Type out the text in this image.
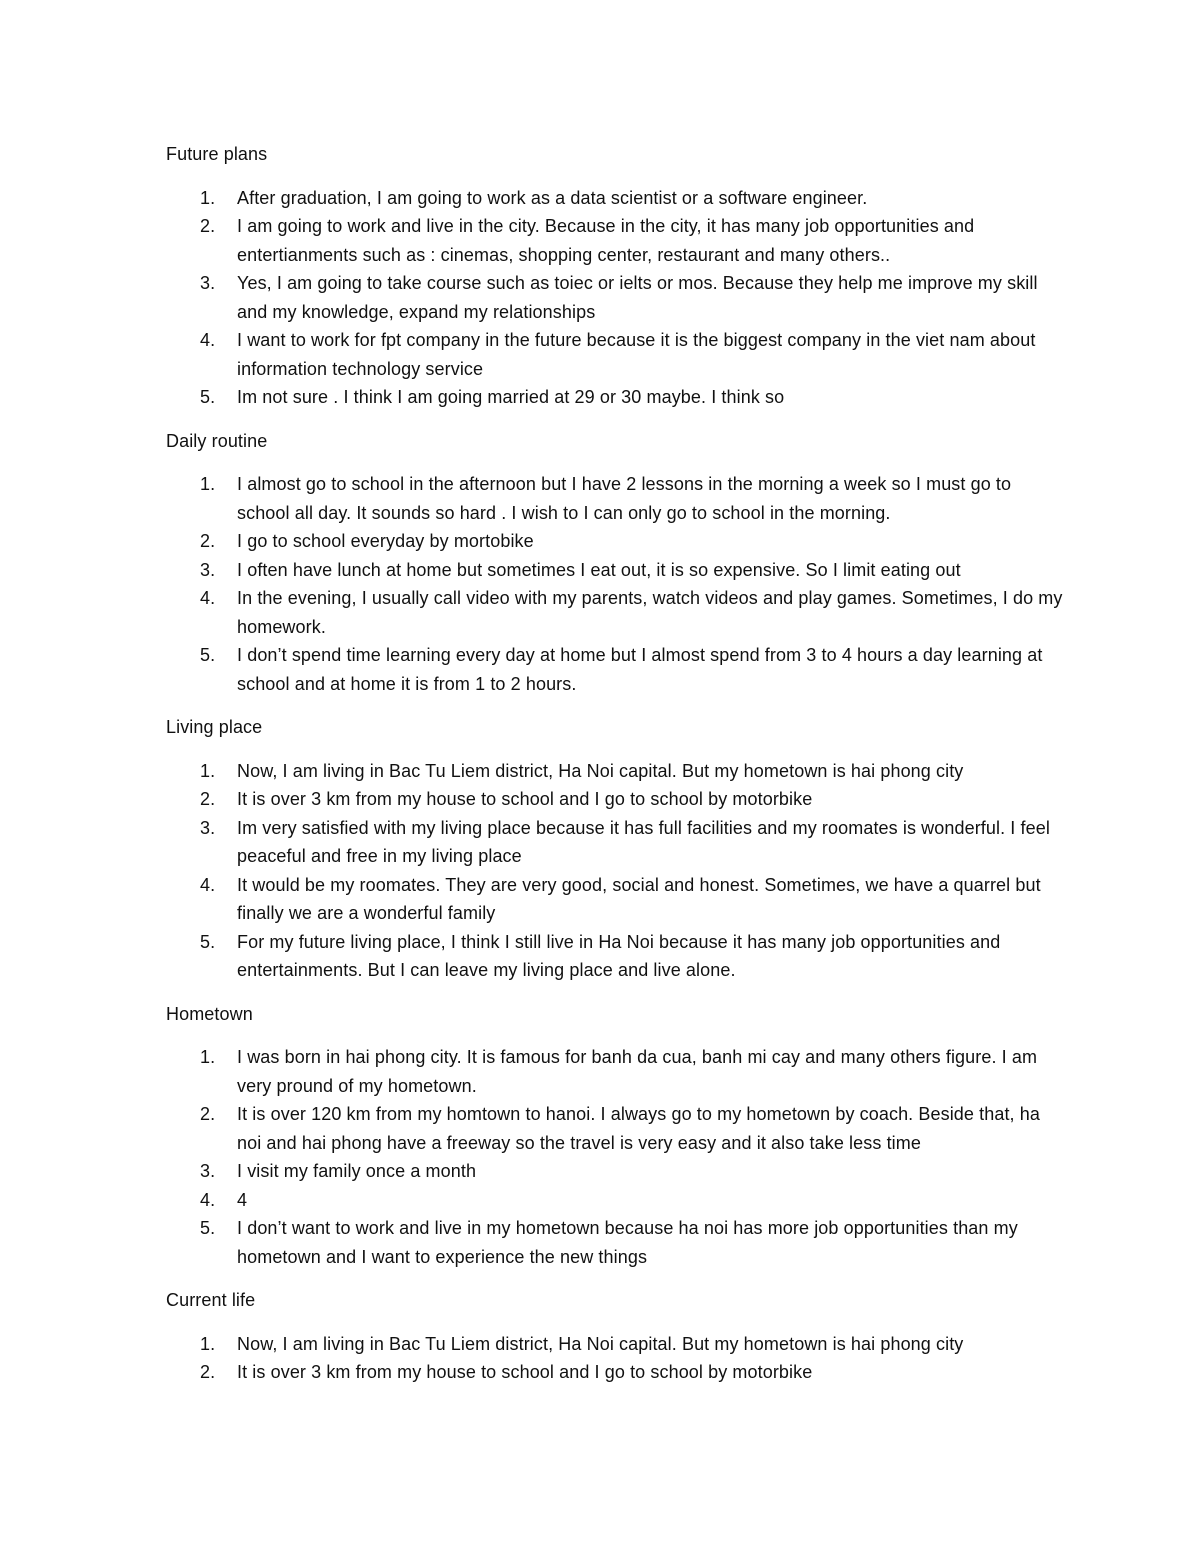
Future plans

1.	After graduation, I am going to work as a data scientist or a software engineer.
2.	I am going to work and live in the city. Because in the city, it has many job opportunities and entertianments such as : cinemas, shopping center, restaurant and many others..
3.	Yes, I am going to take course such as toiec or ielts or mos. Because they help me improve my skill and my knowledge, expand my relationships
4.	I want to work for fpt company in the future because it is the biggest company in the viet nam about information technology service
5.	Im not sure . I think I am going married at 29 or 30 maybe. I think so

Daily routine

1.	I almost go to school in the afternoon but I have 2 lessons in the morning a week so I must go to school all day. It sounds so hard . I wish to I can only go to school in the morning.
2.	I go to school everyday by mortobike
3.	I often have lunch at home but sometimes I eat out, it is so expensive. So I limit eating out
4.	In the evening, I usually call video with my parents, watch videos and play games. Sometimes, I do my homework.
5.	I don’t spend time learning every day at home but I almost spend from 3 to 4 hours a day learning at school and at home it is from 1 to 2 hours.

Living place

1.	Now, I am living in Bac Tu Liem district, Ha Noi capital. But my hometown is hai phong city
2.	It is over 3 km from my house to school and I go to school by motorbike
3.	Im very satisfied with my living place because it has full facilities and my roomates is wonderful. I feel peaceful and free in my living place
4.	It would be my roomates. They are very good, social and honest. Sometimes, we have a quarrel but finally we are a wonderful family
5.	For my future living place, I think I still live in Ha Noi because it has many job opportunities and entertainments. But I can leave my living place and live alone.

Hometown

1.	I was born in hai phong city. It is famous for banh da cua, banh mi cay and many others figure. I am very pround of my hometown.
2.	It is over 120 km from my homtown to hanoi. I always go to my hometown by coach. Beside that, ha noi and hai phong have a freeway so the travel is very easy and it also take less time
3.	I visit my family once a month
4.	4
5.	I don’t want to work and live in my hometown because ha noi has more job opportunities than my hometown and I want to experience the new things

Current life

1.	Now, I am living in Bac Tu Liem district, Ha Noi capital. But my hometown is hai phong city
2.	It is over 3 km from my house to school and I go to school by motorbike
